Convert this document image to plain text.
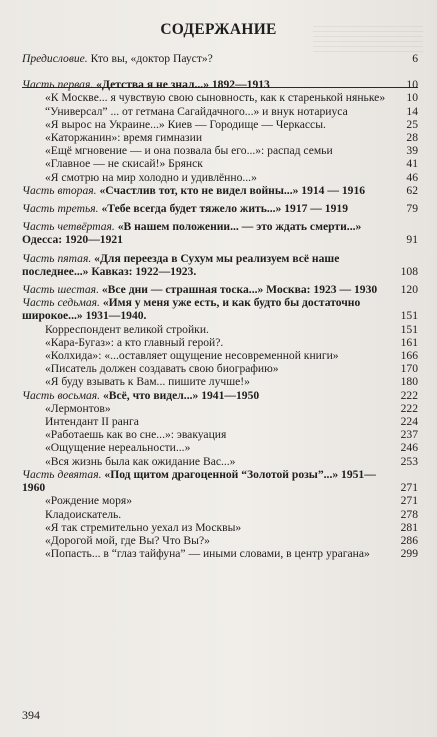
СОДЕРЖАНИЕ
Предисловие. Кто вы, «доктор Пауст»?	6
Часть первая. «Детства я не знал...» 1892—1913	10
«К Москве... я чувствую свою сыновность, как к старенькой няньке» 10
“Универсал” ... от гетмана Сагайдачного...» и внук нотариуса	14
«Я вырос на Украине...» Киев — Городище — Черкассы.	25
«Каторжанин»: время гимназии	28
«Ещё мгновение — и она позвала бы его...»: распад семьи	39
«Главное — не скисай!» Брянск	41
«Я смотрю на мир холодно и удивлённо...»	46
Часть вторая. «Счастлив тот, кто не видел войны...» 1914 — 1916	62
Часть третья. «Тебе всегда будет тяжело жить...» 1917 — 1919	79
Часть четвёртая. «В нашем положении... — это ждать смерти...» Одесса: 1920—1921	91
Часть пятая. «Для переезда в Сухум мы реализуем всё наше последнее...» Кавказ: 1922—1923.	108
Часть шестая. «Все дни — страшная тоска...» Москва: 1923 — 1930 120
Часть седьмая. «Имя у меня уже есть, и как будто бы достаточно широкое...» 1931—1940.	151
Корреспондент великой стройки.	151
«Кара-Бугаз»: а кто главный герой?.	161
«Колхида»: «...оставляет ощущение несовременной книги»	166
«Писатель должен создавать свою биографию»	170
«Я буду взывать к Вам... пишите лучше!»	180
Часть восьмая. «Всё, что видел...» 1941—1950	222
«Лермонтов»	222
Интендант II ранга	224
«Работаешь как во сне...»: эвакуация	237
«Ощущение нереальности...»	246
«Вся жизнь была как ожидание Вас...»	253
Часть девятая. «Под щитом драгоценной “Золотой розы”...» 1951—1960	271
«Рождение моря»	271
Кладоискатель.	278
«Я так стремительно уехал из Москвы»	281
«Дорогой мой, где Вы? Что Вы?»	286
«Попасть... в “глаз тайфуна” — иными словами, в центр урагана»	299
394
